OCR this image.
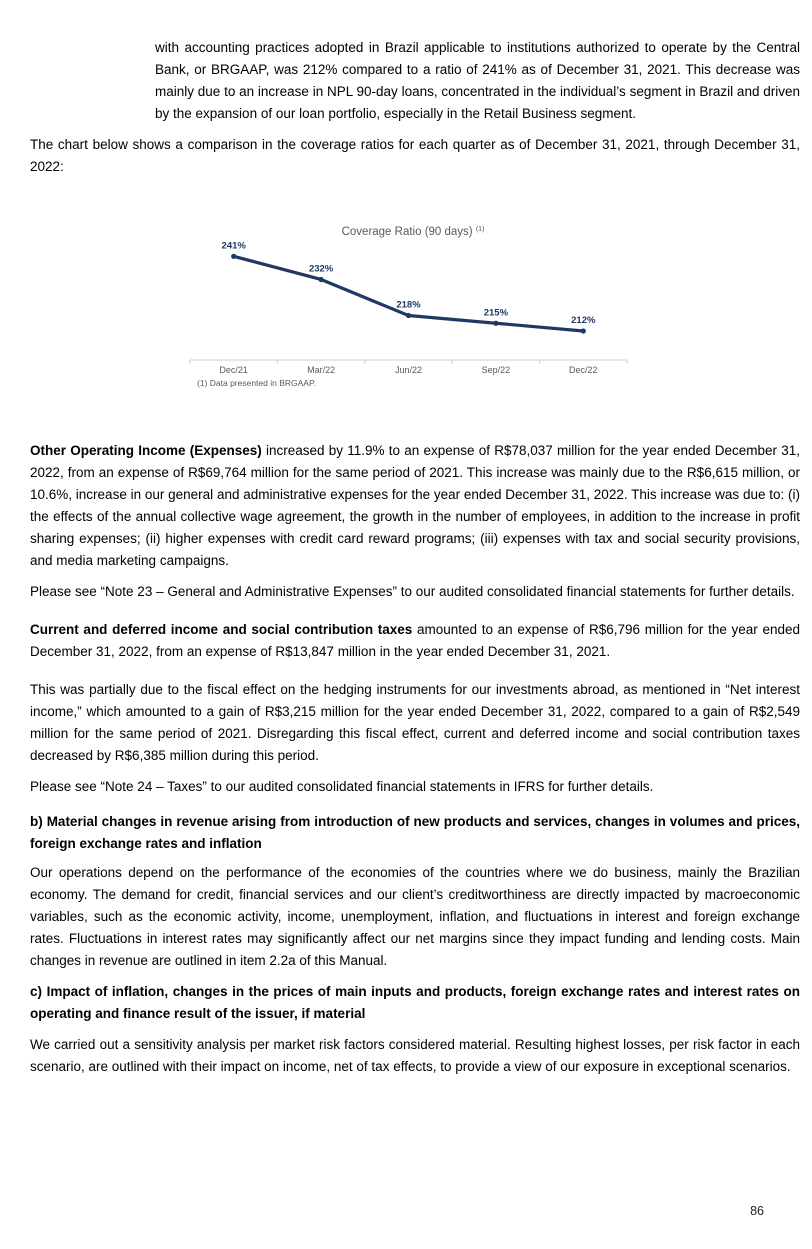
with accounting practices adopted in Brazil applicable to institutions authorized to operate by the Central Bank, or BRGAAP, was 212% compared to a ratio of 241% as of December 31, 2021. This decrease was mainly due to an increase in NPL 90-day loans, concentrated in the individual’s segment in Brazil and driven by the expansion of our loan portfolio, especially in the Retail Business segment.

The chart below shows a comparison in the coverage ratios for each quarter as of December 31, 2021, through December 31, 2022:

Coverage Ratio (90 days) $^{(1)}$
Dec/21	Mar/22	Jun/22	Sep/22	Dec/22
241%
232%
218%
215%
212%
(1) Data presented in BRGAAP.

Other Operating Income (Expenses) increased by 11.9% to an expense of R$78,037 million for the year ended December 31, 2022, from an expense of R$69,764 million for the same period of 2021. This increase was mainly due to the R$6,615 million, or 10.6%, increase in our general and administrative expenses for the year ended December 31, 2022. This increase was due to: (i) the effects of the annual collective wage agreement, the growth in the number of employees, in addition to the increase in profit sharing expenses; (ii) higher expenses with credit card reward programs; (iii) expenses with tax and social security provisions, and media marketing campaigns.

Please see “Note 23 – General and Administrative Expenses” to our audited consolidated financial statements for further details.

Current and deferred income and social contribution taxes amounted to an expense of R$6,796 million for the year ended December 31, 2022, from an expense of R$13,847 million in the year ended December 31, 2021.

This was partially due to the fiscal effect on the hedging instruments for our investments abroad, as mentioned in “Net interest income,” which amounted to a gain of R$3,215 million for the year ended December 31, 2022, compared to a gain of R$2,549 million for the same period of 2021. Disregarding this fiscal effect, current and deferred income and social contribution taxes decreased by R$6,385 million during this period.

Please see “Note 24 – Taxes” to our audited consolidated financial statements in IFRS for further details.

b) Material changes in revenue arising from introduction of new products and services, changes in volumes and prices, foreign exchange rates and inflation

Our operations depend on the performance of the economies of the countries where we do business, mainly the Brazilian economy. The demand for credit, financial services and our client’s creditworthiness are directly impacted by macroeconomic variables, such as the economic activity, income, unemployment, inflation, and fluctuations in interest and foreign exchange rates. Fluctuations in interest rates may significantly affect our net margins since they impact funding and lending costs. Main changes in revenue are outlined in item 2.2a of this Manual.

c) Impact of inflation, changes in the prices of main inputs and products, foreign exchange rates and interest rates on operating and finance result of the issuer, if material

We carried out a sensitivity analysis per market risk factors considered material. Resulting highest losses, per risk factor in each scenario, are outlined with their impact on income, net of tax effects, to provide a view of our exposure in exceptional scenarios.

86
